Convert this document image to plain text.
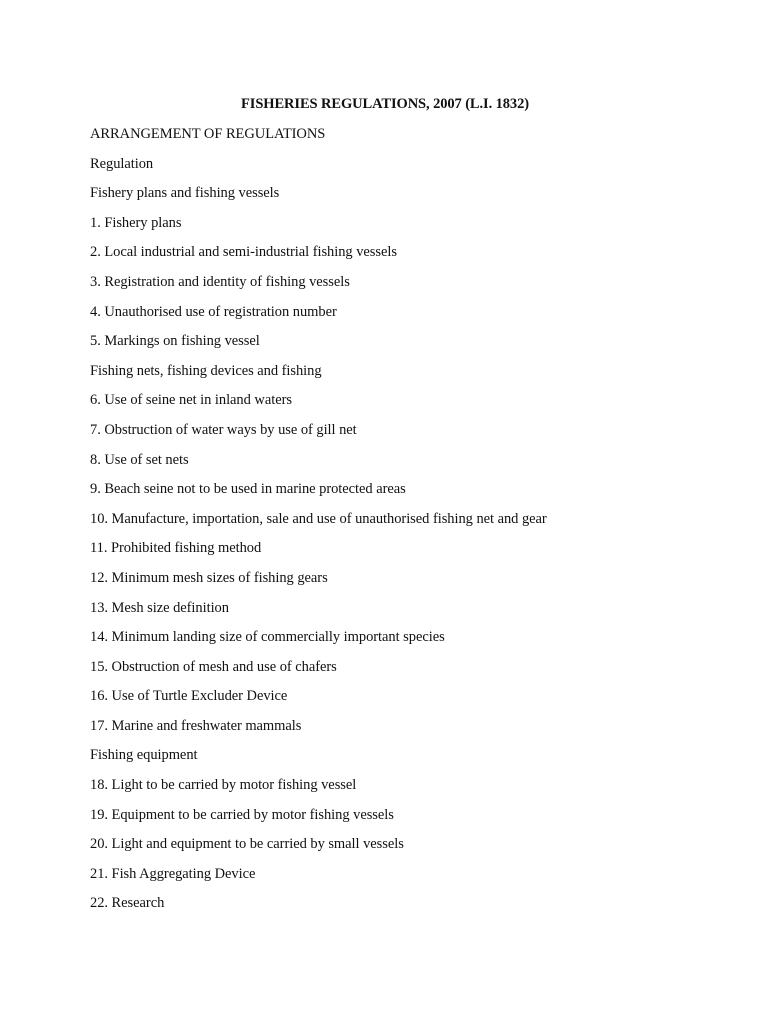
FISHERIES REGULATIONS, 2007 (L.I. 1832)
ARRANGEMENT OF REGULATIONS
Regulation
Fishery plans and fishing vessels
1. Fishery plans
2. Local industrial and semi-industrial fishing vessels
3. Registration and identity of fishing vessels
4. Unauthorised use of registration number
5. Markings on fishing vessel
Fishing nets, fishing devices and fishing
6. Use of seine net in inland waters
7. Obstruction of water ways by use of gill net
8. Use of set nets
9. Beach seine not to be used in marine protected areas
10. Manufacture, importation, sale and use of unauthorised fishing net and gear
11. Prohibited fishing method
12. Minimum mesh sizes of fishing gears
13. Mesh size definition
14. Minimum landing size of commercially important species
15. Obstruction of mesh and use of chafers
16. Use of Turtle Excluder Device
17. Marine and freshwater mammals
Fishing equipment
18. Light to be carried by motor fishing vessel
19. Equipment to be carried by motor fishing vessels
20. Light and equipment to be carried by small vessels
21. Fish Aggregating Device
22. Research
